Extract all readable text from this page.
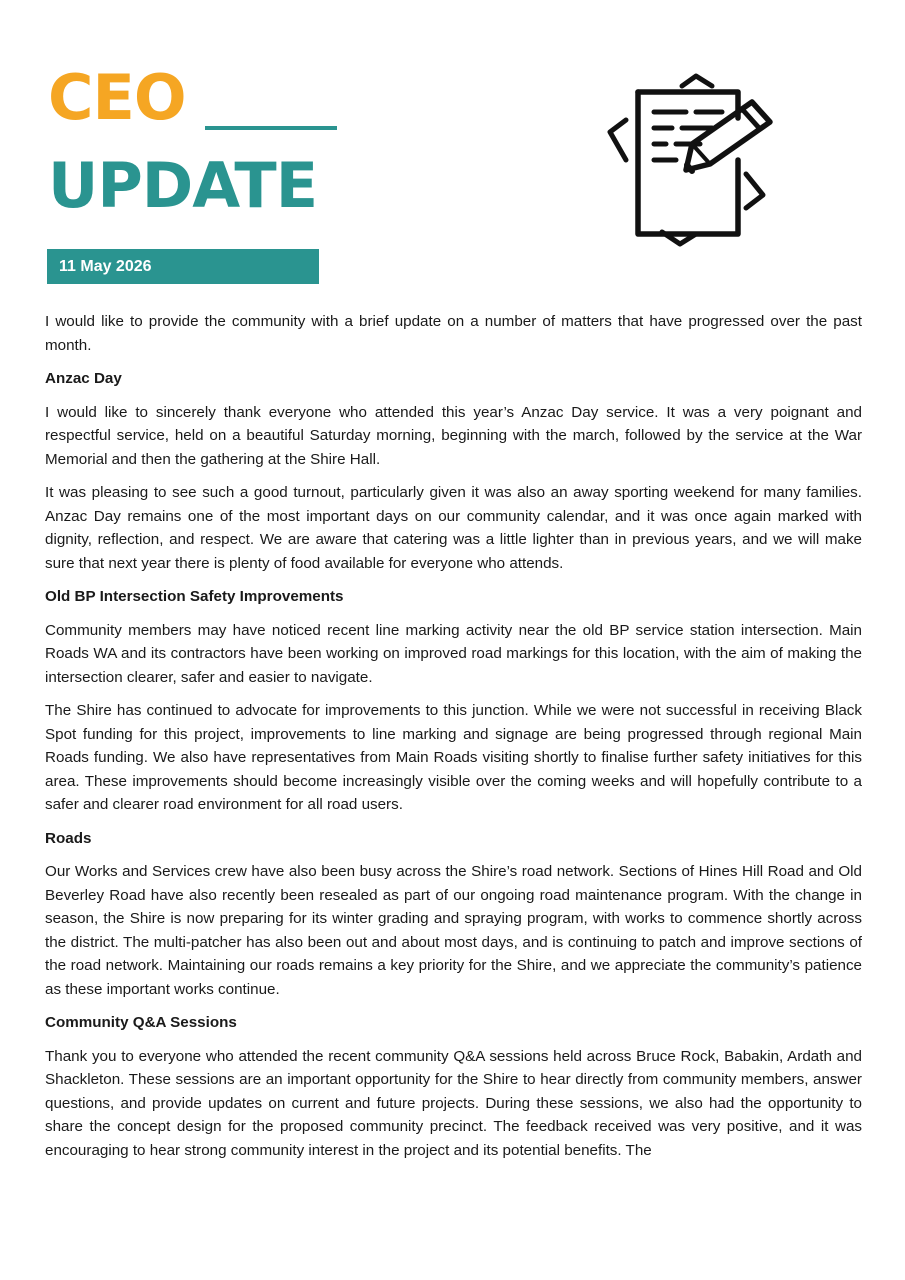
CEO
UPDATE
11 May 2026

I would like to provide the community with a brief update on a number of matters that have progressed over the past month.

Anzac Day

I would like to sincerely thank everyone who attended this year’s Anzac Day service. It was a very poignant and respectful service, held on a beautiful Saturday morning, beginning with the march, followed by the service at the War Memorial and then the gathering at the Shire Hall.

It was pleasing to see such a good turnout, particularly given it was also an away sporting weekend for many families. Anzac Day remains one of the most important days on our community calendar, and it was once again marked with dignity, reflection, and respect. We are aware that catering was a little lighter than in previous years, and we will make sure that next year there is plenty of food available for everyone who attends.

Old BP Intersection Safety Improvements

Community members may have noticed recent line marking activity near the old BP service station intersection. Main Roads WA and its contractors have been working on improved road markings for this location, with the aim of making the intersection clearer, safer and easier to navigate.

The Shire has continued to advocate for improvements to this junction. While we were not successful in receiving Black Spot funding for this project, improvements to line marking and signage are being progressed through regional Main Roads funding. We also have representatives from Main Roads visiting shortly to finalise further safety initiatives for this area. These improvements should become increasingly visible over the coming weeks and will hopefully contribute to a safer and clearer road environment for all road users.

Roads

Our Works and Services crew have also been busy across the Shire’s road network. Sections of Hines Hill Road and Old Beverley Road have also recently been resealed as part of our ongoing road maintenance program. With the change in season, the Shire is now preparing for its winter grading and spraying program, with works to commence shortly across the district. The multi-patcher has also been out and about most days, and is continuing to patch and improve sections of the road network. Maintaining our roads remains a key priority for the Shire, and we appreciate the community’s patience as these important works continue.

Community Q&A Sessions

Thank you to everyone who attended the recent community Q&A sessions held across Bruce Rock, Babakin, Ardath and Shackleton. These sessions are an important opportunity for the Shire to hear directly from community members, answer questions, and provide updates on current and future projects. During these sessions, we also had the opportunity to share the concept design for the proposed community precinct. The feedback received was very positive, and it was encouraging to hear strong community interest in the project and its potential benefits. The
